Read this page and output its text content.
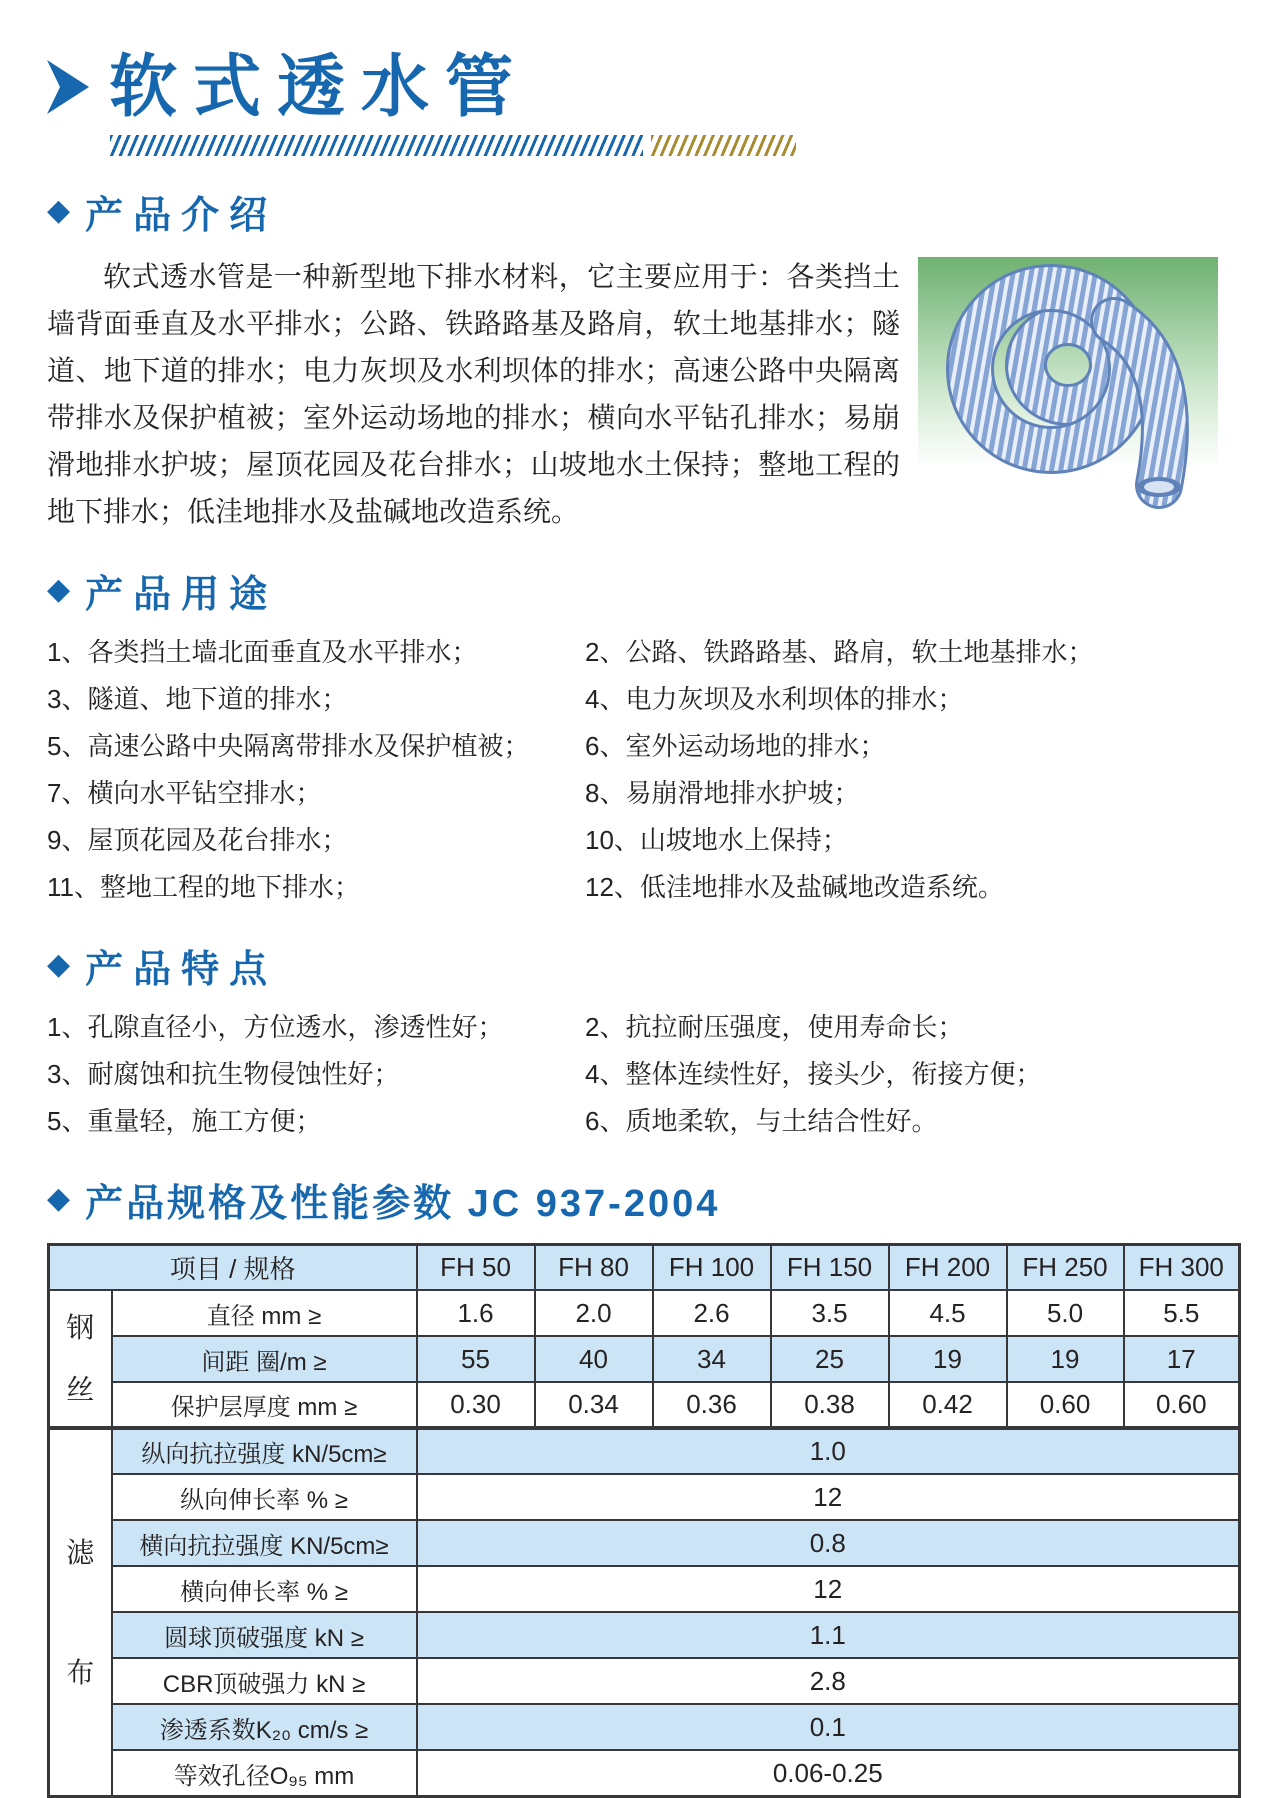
软式透水管
◆ 产品介绍

软式透水管是一种新型地下排水材料，它主要应用于：各类挡土墙背面垂直及水平排水；公路、铁路路基及路肩，软土地基排水；隧道、地下道的排水；电力灰坝及水利坝体的排水；高速公路中央隔离带排水及保护植被；室外运动场地的排水；横向水平钻孔排水；易崩滑地排水护坡；屋顶花园及花台排水；山坡地水土保持；整地工程的地下排水；低洼地排水及盐碱地改造系统。

◆ 产品用途
1、各类挡土墙北面垂直及水平排水；	2、公路、铁路路基、路肩，软土地基排水；
3、隧道、地下道的排水；	4、电力灰坝及水利坝体的排水；
5、高速公路中央隔离带排水及保护植被；	6、室外运动场地的排水；
7、横向水平钻空排水；	8、易崩滑地排水护坡；
9、屋顶花园及花台排水；	10、山坡地水上保持；
11、整地工程的地下排水；	12、低洼地排水及盐碱地改造系统。
◆ 产品特点
1、孔隙直径小，方位透水，渗透性好；	2、抗拉耐压强度，使用寿命长；
3、耐腐蚀和抗生物侵蚀性好；	4、整体连续性好，接头少，衔接方便；
5、重量轻，施工方便；	6、质地柔软，与土结合性好。
◆ 产品规格及性能参数 JC 937-2004
项目 / 规格		FH 50	FH 80	FH 100	FH 150	FH 200	FH 250	FH 300
钢丝	直径 mm ≥	1.6	2.0	2.6	3.5	4.5	5.0	5.5
	间距 圈/m ≥	55	40	34	25	19	19	17
	保护层厚度 mm ≥	0.30	0.34	0.36	0.38	0.42	0.60	0.60
滤布	纵向抗拉强度 kN/5cm≥	1.0						
	纵向伸长率 % ≥	12						
	横向抗拉强度 KN/5cm≥	0.8						
	横向伸长率 % ≥	12						
	圆球顶破强度 kN ≥	1.1						
	CBR顶破强力 kN ≥	2.8						
	渗透系数K₂₀ cm/s ≥	0.1						
	等效孔径O₉₅ mm	0.06-0.25						
